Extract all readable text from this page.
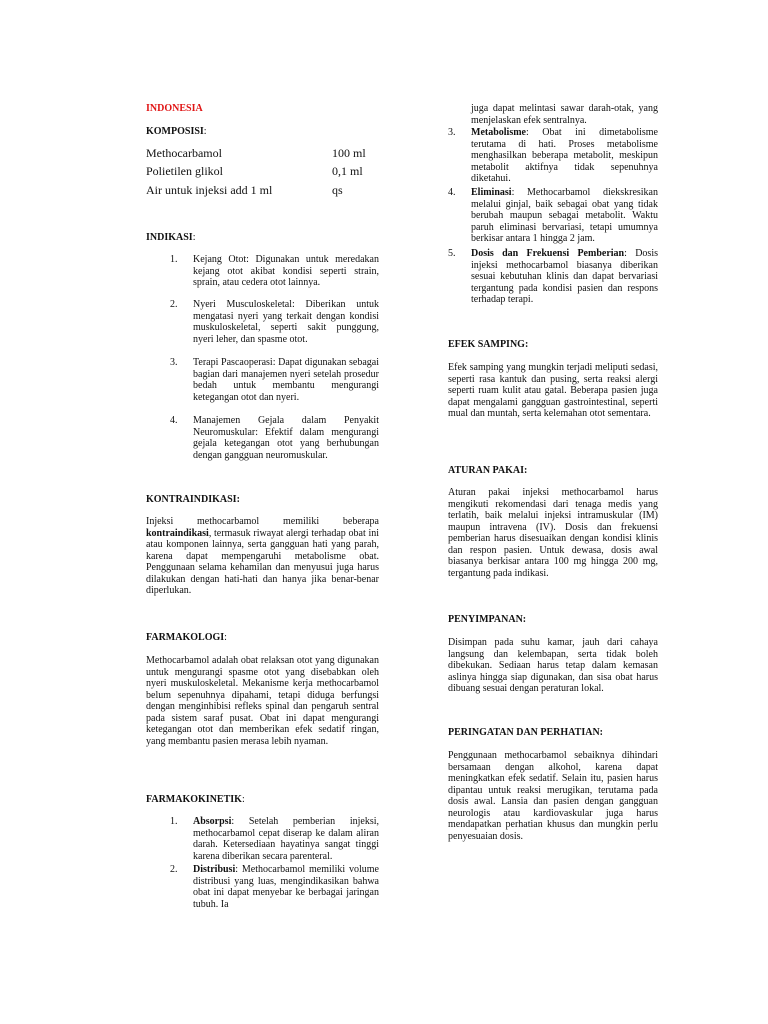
INDONESIA
KOMPOSISI:
Methocarbamol	100 ml
Polietilen glikol	0,1 ml
Air untuk injeksi add 1 ml	qs
INDIKASI:
1. Kejang Otot: Digunakan untuk meredakan kejang otot akibat kondisi seperti strain, sprain, atau cedera otot lainnya.
2. Nyeri Musculoskeletal: Diberikan untuk mengatasi nyeri yang terkait dengan kondisi muskuloskeletal, seperti sakit punggung, nyeri leher, dan spasme otot.
3. Terapi Pascaoperasi: Dapat digunakan sebagai bagian dari manajemen nyeri setelah prosedur bedah untuk membantu mengurangi ketegangan otot dan nyeri.
4. Manajemen Gejala dalam Penyakit Neuromuskular: Efektif dalam mengurangi gejala ketegangan otot yang berhubungan dengan gangguan neuromuskular.
KONTRAINDIKASI:
Injeksi methocarbamol memiliki beberapa kontraindikasi, termasuk riwayat alergi terhadap obat ini atau komponen lainnya, serta gangguan hati yang parah, karena dapat mempengaruhi metabolisme obat. Penggunaan selama kehamilan dan menyusui juga harus dilakukan dengan hati-hati dan hanya jika benar-benar diperlukan.
FARMAKOLOGI:
Methocarbamol adalah obat relaksan otot yang digunakan untuk mengurangi spasme otot yang disebabkan oleh nyeri muskuloskeletal. Mekanisme kerja methocarbamol belum sepenuhnya dipahami, tetapi diduga berfungsi dengan menginhibisi refleks spinal dan pengaruh sentral pada sistem saraf pusat. Obat ini dapat mengurangi ketegangan otot dan memberikan efek sedatif ringan, yang membantu pasien merasa lebih nyaman.
FARMAKOKINETIK:
1. Absorpsi: Setelah pemberian injeksi, methocarbamol cepat diserap ke dalam aliran darah. Ketersediaan hayatinya sangat tinggi karena diberikan secara parenteral.
2. Distribusi: Methocarbamol memiliki volume distribusi yang luas, mengindikasikan bahwa obat ini dapat menyebar ke berbagai jaringan tubuh. Ia
juga dapat melintasi sawar darah-otak, yang menjelaskan efek sentralnya.
3. Metabolisme: Obat ini dimetabolisme terutama di hati. Proses metabolisme menghasilkan beberapa metabolit, meskipun metabolit aktifnya tidak sepenuhnya diketahui.
4. Eliminasi: Methocarbamol diekskresikan melalui ginjal, baik sebagai obat yang tidak berubah maupun sebagai metabolit. Waktu paruh eliminasi bervariasi, tetapi umumnya berkisar antara 1 hingga 2 jam.
5. Dosis dan Frekuensi Pemberian: Dosis injeksi methocarbamol biasanya diberikan sesuai kebutuhan klinis dan dapat bervariasi tergantung pada kondisi pasien dan respons terhadap terapi.
EFEK SAMPING:
Efek samping yang mungkin terjadi meliputi sedasi, seperti rasa kantuk dan pusing, serta reaksi alergi seperti ruam kulit atau gatal. Beberapa pasien juga dapat mengalami gangguan gastrointestinal, seperti mual dan muntah, serta kelemahan otot sementara.
ATURAN PAKAI:
Aturan pakai injeksi methocarbamol harus mengikuti rekomendasi dari tenaga medis yang terlatih, baik melalui injeksi intramuskular (IM) maupun intravena (IV). Dosis dan frekuensi pemberian harus disesuaikan dengan kondisi klinis dan respon pasien. Untuk dewasa, dosis awal biasanya berkisar antara 100 mg hingga 200 mg, tergantung pada indikasi.
PENYIMPANAN:
Disimpan pada suhu kamar, jauh dari cahaya langsung dan kelembapan, serta tidak boleh dibekukan. Sediaan harus tetap dalam kemasan aslinya hingga siap digunakan, dan sisa obat harus dibuang sesuai dengan peraturan lokal.
PERINGATAN DAN PERHATIAN:
Penggunaan methocarbamol sebaiknya dihindari bersamaan dengan alkohol, karena dapat meningkatkan efek sedatif. Selain itu, pasien harus dipantau untuk reaksi merugikan, terutama pada dosis awal. Lansia dan pasien dengan gangguan neurologis atau kardiovaskular juga harus mendapatkan perhatian khusus dan mungkin perlu penyesuaian dosis.
